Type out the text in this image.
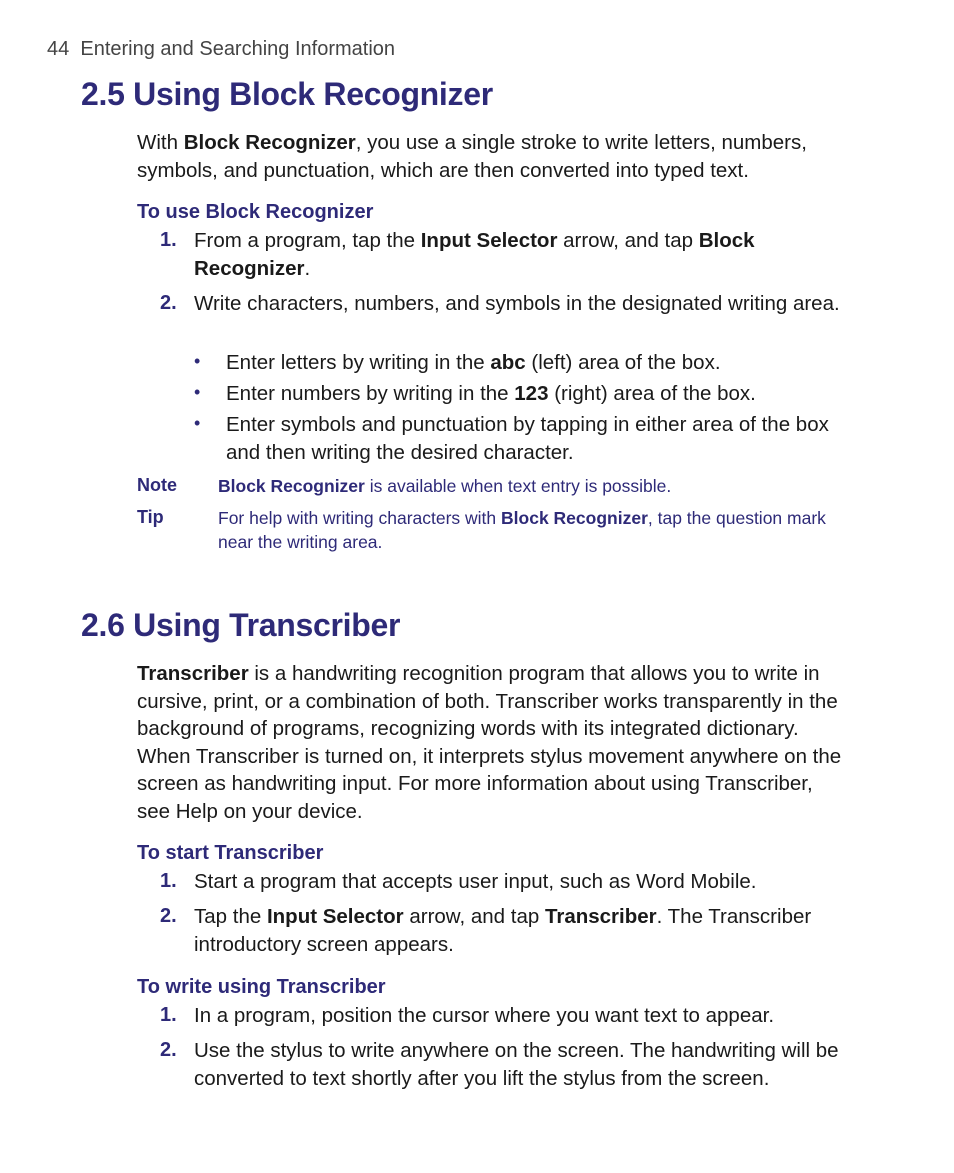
44 Entering and Searching Information
2.5 Using Block Recognizer
With Block Recognizer, you use a single stroke to write letters, numbers, symbols, and punctuation, which are then converted into typed text.
To use Block Recognizer
1. From a program, tap the Input Selector arrow, and tap Block Recognizer.
2. Write characters, numbers, and symbols in the designated writing area.
• Enter letters by writing in the abc (left) area of the box.
• Enter numbers by writing in the 123 (right) area of the box.
• Enter symbols and punctuation by tapping in either area of the box and then writing the desired character.
Note Block Recognizer is available when text entry is possible.
Tip	For help with writing characters with Block Recognizer, tap the question mark near the writing area.
2.6 Using Transcriber
Transcriber is a handwriting recognition program that allows you to write in cursive, print, or a combination of both. Transcriber works transparently in the background of programs, recognizing words with its integrated dictionary. When Transcriber is turned on, it interprets stylus movement anywhere on the screen as handwriting input. For more information about using Transcriber, see Help on your device.
To start Transcriber
1. Start a program that accepts user input, such as Word Mobile.
2. Tap the Input Selector arrow, and tap Transcriber. The Transcriber introductory screen appears.
To write using Transcriber
1. In a program, position the cursor where you want text to appear.
2. Use the stylus to write anywhere on the screen. The handwriting will be converted to text shortly after you lift the stylus from the screen.
